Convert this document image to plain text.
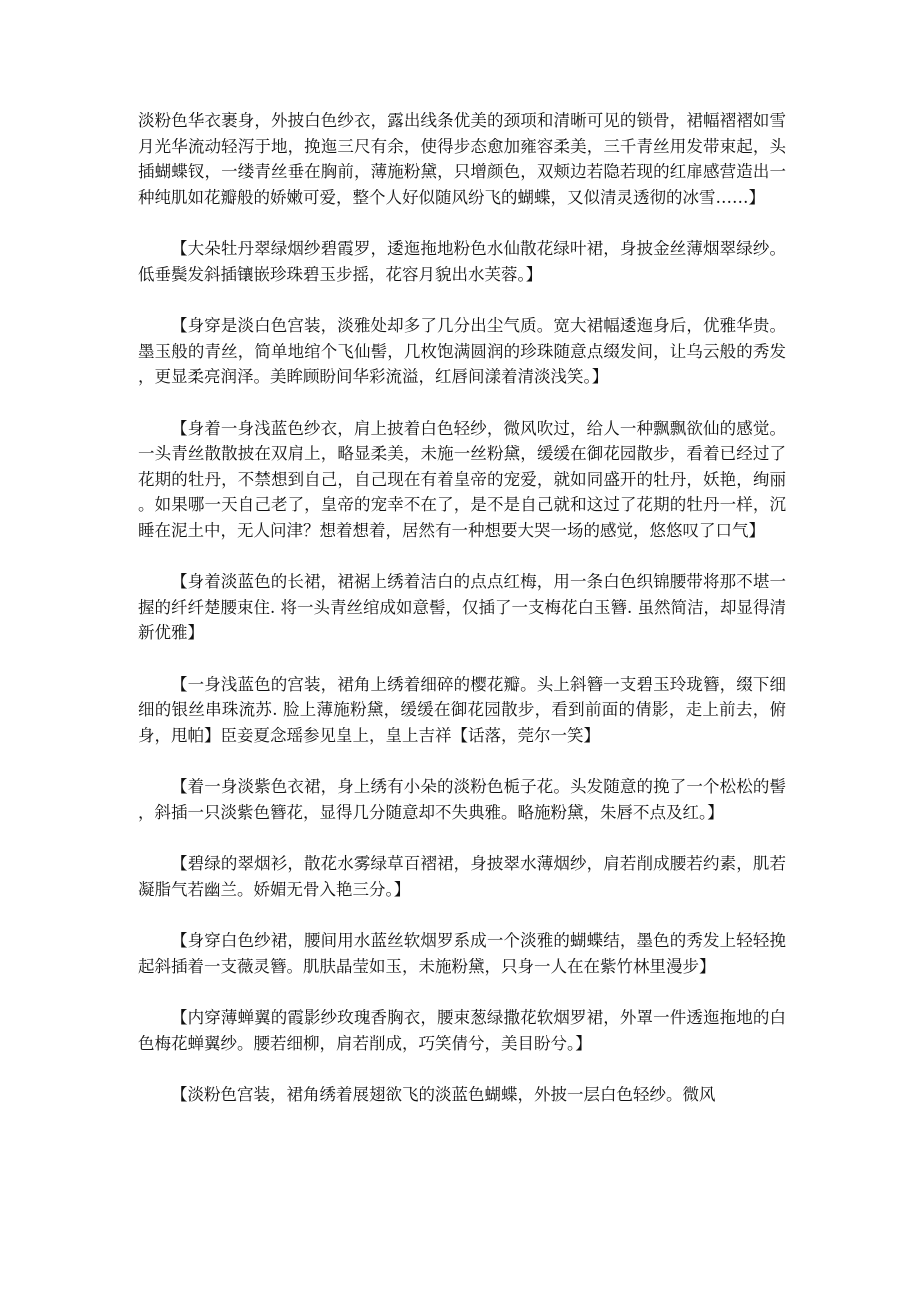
淡粉色华衣裹身，外披白色纱衣，露出线条优美的颈项和清晰可见的锁骨，裙幅褶褶如雪月光华流动轻泻于地，挽迤三尺有余，使得步态愈加雍容柔美，三千青丝用发带束起，头插蝴蝶钗，一缕青丝垂在胸前，薄施粉黛，只增颜色，双颊边若隐若现的红扉感营造出一种纯肌如花瓣般的娇嫩可爱，整个人好似随风纷飞的蝴蝶，又似清灵透彻的冰雪……】

【大朵牡丹翠绿烟纱碧霞罗，逶迤拖地粉色水仙散花绿叶裙，身披金丝薄烟翠绿纱。低垂鬓发斜插镶嵌珍珠碧玉步摇，花容月貌出水芙蓉。】

【身穿是淡白色宫装，淡雅处却多了几分出尘气质。宽大裙幅逶迤身后，优雅华贵。墨玉般的青丝，简单地绾个飞仙髻，几枚饱满圆润的珍珠随意点缀发间，让乌云般的秀发，更显柔亮润泽。美眸顾盼间华彩流溢，红唇间漾着清淡浅笑。】

【身着一身浅蓝色纱衣，肩上披着白色轻纱，微风吹过，给人一种飘飘欲仙的感觉。一头青丝散散披在双肩上，略显柔美，未施一丝粉黛，缓缓在御花园散步，看着已经过了花期的牡丹，不禁想到自己，自己现在有着皇帝的宠爱，就如同盛开的牡丹，妖艳，绚丽。如果哪一天自己老了，皇帝的宠幸不在了，是不是自己就和这过了花期的牡丹一样，沉睡在泥土中，无人问津？想着想着，居然有一种想要大哭一场的感觉，悠悠叹了口气】

【身着淡蓝色的长裙，裙裾上绣着洁白的点点红梅，用一条白色织锦腰带将那不堪一握的纤纤楚腰束住. 将一头青丝绾成如意髻，仅插了一支梅花白玉簪. 虽然简洁，却显得清新优雅】

【一身浅蓝色的宫装，裙角上绣着细碎的樱花瓣。头上斜簪一支碧玉玲珑簪，缀下细细的银丝串珠流苏. 脸上薄施粉黛，缓缓在御花园散步，看到前面的倩影，走上前去，俯身，甩帕】臣妾夏念瑶参见皇上，皇上吉祥【话落，莞尔一笑】

【着一身淡紫色衣裙，身上绣有小朵的淡粉色栀子花。头发随意的挽了一个松松的髻，斜插一只淡紫色簪花，显得几分随意却不失典雅。略施粉黛，朱唇不点及红。】

【碧绿的翠烟衫，散花水雾绿草百褶裙，身披翠水薄烟纱，肩若削成腰若约素，肌若凝脂气若幽兰。娇媚无骨入艳三分。】

【身穿白色纱裙，腰间用水蓝丝软烟罗系成一个淡雅的蝴蝶结，墨色的秀发上轻轻挽起斜插着一支薇灵簪。肌肤晶莹如玉，未施粉黛，只身一人在在紫竹林里漫步】

【内穿薄蝉翼的霞影纱玫瑰香胸衣，腰束葱绿撒花软烟罗裙，外罩一件透迤拖地的白色梅花蝉翼纱。腰若细柳，肩若削成，巧笑倩兮，美目盼兮。】

【淡粉色宫装，裙角绣着展翅欲飞的淡蓝色蝴蝶，外披一层白色轻纱。微风
